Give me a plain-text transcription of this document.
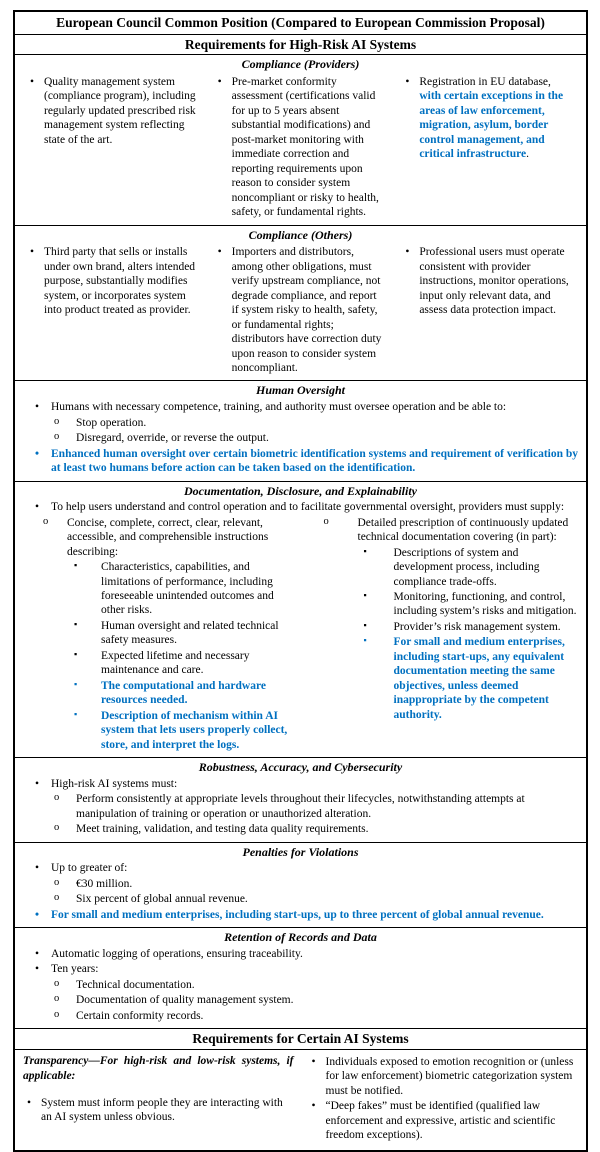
European Council Common Position (Compared to European Commission Proposal)
Requirements for High-Risk AI Systems
Compliance (Providers)
• Quality management system (compliance program), including regularly updated prescribed risk management system reflecting state of the art.
• Pre-market conformity assessment (certifications valid for up to 5 years absent substantial modifications) and post-market monitoring with immediate correction and reporting requirements upon reason to consider system noncompliant or risky to health, safety, or fundamental rights.
• Registration in EU database, with certain exceptions in the areas of law enforcement, migration, asylum, border control management, and critical infrastructure.
Compliance (Others)
• Third party that sells or installs under own brand, alters intended purpose, substantially modifies system, or incorporates system into product treated as provider.
• Importers and distributors, among other obligations, must verify upstream compliance, not degrade compliance, and report if system risky to health, safety, or fundamental rights; distributors have correction duty upon reason to consider system noncompliant.
• Professional users must operate consistent with provider instructions, monitor operations, input only relevant data, and assess data protection impact.
Human Oversight
• Humans with necessary competence, training, and authority must oversee operation and be able to:
o Stop operation.
o Disregard, override, or reverse the output.
• Enhanced human oversight over certain biometric identification systems and requirement of verification by at least two humans before action can be taken based on the identification.
Documentation, Disclosure, and Explainability
• To help users understand and control operation and to facilitate governmental oversight, providers must supply:
o Concise, complete, correct, clear, relevant, accessible, and comprehensible instructions describing:
▪ Characteristics, capabilities, and limitations of performance, including foreseeable unintended outcomes and other risks.
▪ Human oversight and related technical safety measures.
▪ Expected lifetime and necessary maintenance and care.
▪ The computational and hardware resources needed.
▪ Description of mechanism within AI system that lets users properly collect, store, and interpret the logs.
o Detailed prescription of continuously updated technical documentation covering (in part):
▪ Descriptions of system and development process, including compliance trade-offs.
▪ Monitoring, functioning, and control, including system’s risks and mitigation.
▪ Provider’s risk management system.
▪ For small and medium enterprises, including start-ups, any equivalent documentation meeting the same objectives, unless deemed inappropriate by the competent authority.
Robustness, Accuracy, and Cybersecurity
• High-risk AI systems must:
o Perform consistently at appropriate levels throughout their lifecycles, notwithstanding attempts at manipulation of training or operation or unauthorized alteration.
o Meet training, validation, and testing data quality requirements.
Penalties for Violations
• Up to greater of:
o €30 million.
o Six percent of global annual revenue.
• For small and medium enterprises, including start-ups, up to three percent of global annual revenue.
Retention of Records and Data
• Automatic logging of operations, ensuring traceability.
• Ten years:
o Technical documentation.
o Documentation of quality management system.
o Certain conformity records.
Requirements for Certain AI Systems
Transparency—For high-risk and low-risk systems, if applicable:
• System must inform people they are interacting with an AI system unless obvious.
• Individuals exposed to emotion recognition or (unless for law enforcement) biometric categorization system must be notified.
• “Deep fakes” must be identified (qualified law enforcement and expressive, artistic and scientific freedom exceptions).
